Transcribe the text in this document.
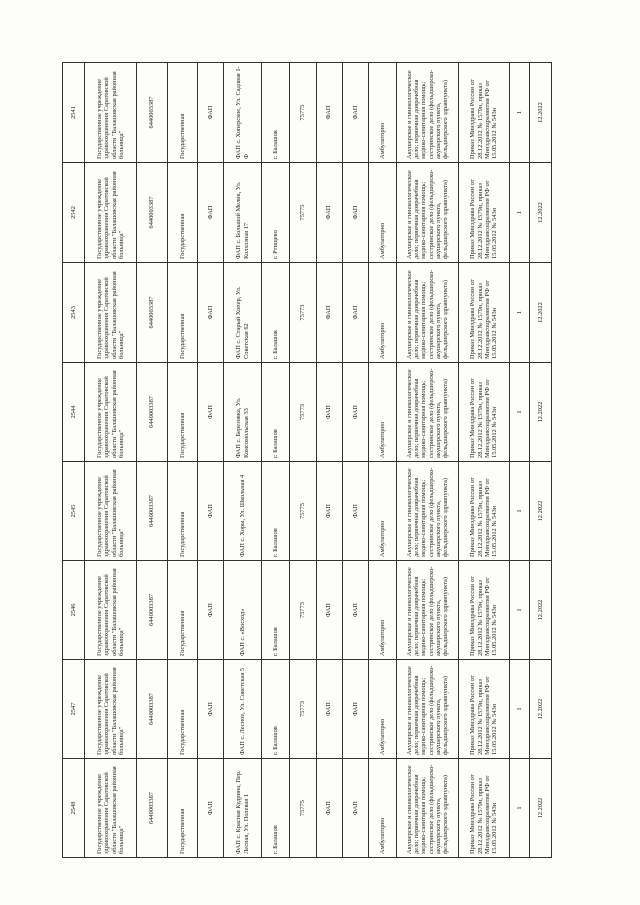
2548	2547	2546	2545	2544	2543	2542	2541
Государственное учреждение здравоохранения Саратовской области "Балашовская районная больница"	Государственное учреждение здравоохранения Саратовской области "Балашовская районная больница"	Государственное учреждение здравоохранения Саратовской области "Балашовская районная больница"	Государственное учреждение здравоохранения Саратовской области "Балашовская районная больница"	Государственное учреждение здравоохранения Саратовской области "Балашовская районная больница"	Государственное учреждение здравоохранения Саратовской области "Балашовская районная больница"	Государственное учреждение здравоохранения Саратовской области "Балашовская районная больница"	Государственное учреждение здравоохранения Саратовской области "Балашовская районная больница"
6440003387	6440003387	6440003387	6440003387	6440003387	6440003387	6440003387	6440003387
Государственная	Государственная	Государственная	Государственная	Государственная	Государственная	Государственная	Государственная
ФАП	ФАП	ФАП	ФАП	ФАП	ФАП	ФАП	ФАП
ФАП с. Красная Кудрина, Пер. Лесная, Ул. Полевая 1	ФАП с. Лесное, Ул. Советская 5	ФАП с. «Восход»	ФАП с. Хоры, Ул. Школьная 4	ФАП с. Березовка, Ул. Комсомольская 33	ФАП с. Старый Хопер, Ул. Советская 62	ФАП с. Большой Мелик, Ул. Колхозная 17	ФАП с. Хоперское, Ул. Садовая 1-Ф
г. Балашов	г. Балашов	г. Балашов	г. Балашов	г. Балашов	г. Балашов	г. Ртищево	г. Балашов
75775	75773	75773	75775	75773	75773	75775	75775
ФАП	ФАП	ФАП	ФАП	ФАП	ФАП	ФАП	ФАП
ФАП	ФАП	ФАП	ФАП	ФАП	ФАП	ФАП	ФАП
Амбулаторно	Амбулаторно	Амбулаторно	Амбулаторно	Амбулаторно	Амбулаторно	Амбулаторно	Амбулаторно
Акушерское и гинекологическое дело; первичная доврачебная медико-санитарная помощь; сестринское дело (фельдшерско-акушерского пункта, фельдшерского здравпункта)	Акушерское и гинекологическое дело; первичная доврачебная медико-санитарная помощь; сестринское дело (фельдшерско-акушерского пункта, фельдшерского здравпункта)	Акушерское и гинекологическое дело; первичная доврачебная медико-санитарная помощь; сестринское дело (фельдшерско-акушерского пункта, фельдшерского здравпункта)	Акушерское и гинекологическое дело; первичная доврачебная медико-санитарная помощь; сестринское дело (фельдшерско-акушерского пункта, фельдшерского здравпункта)	Акушерское и гинекологическое дело; первичная доврачебная медико-санитарная помощь; сестринское дело (фельдшерско-акушерского пункта, фельдшерского здравпункта)	Акушерское и гинекологическое дело; первичная доврачебная медико-санитарная помощь; сестринское дело (фельдшерско-акушерского пункта, фельдшерского здравпункта)	Акушерское и гинекологическое дело; первичная доврачебная медико-санитарная помощь; сестринское дело (фельдшерско-акушерского пункта, фельдшерского здравпункта)	Акушерское и гинекологическое дело; первичная доврачебная медико-санитарная помощь; сестринское дело (фельдшерско-акушерского пункта, фельдшерского здравпункта)
Приказ Минздрава России от 28.12.2012 № 1579н, приказ Минздравсоцразвития РФ от 15.05.2012 № 543н	Приказ Минздрава России от 28.12.2012 № 1579н, приказ Минздравсоцразвития РФ от 15.05.2012 № 543н	Приказ Минздрава России от 28.12.2012 № 1579н, приказ Минздравсоцразвития РФ от 15.05.2012 № 543н	Приказ Минздрава России от 28.12.2012 № 1579н, приказ Минздравсоцразвития РФ от 15.05.2012 № 543н	Приказ Минздрава России от 28.12.2012 № 1579н, приказ Минздравсоцразвития РФ от 15.05.2012 № 543н	Приказ Минздрава России от 28.12.2012 № 1579н, приказ Минздравсоцразвития РФ от 15.05.2012 № 543н	Приказ Минздрава России от 28.12.2012 № 1579н, приказ Минздравсоцразвития РФ от 15.05.2012 № 543н	Приказ Минздрава России от 28.12.2012 № 1579н, приказ Минздравсоцразвития РФ от 15.05.2012 № 543н
1	1	1	1	1	1	1	1
12.2022	12.2022	12.2022	12.2022	12.2022	12.2022	12.2022	12.2022
